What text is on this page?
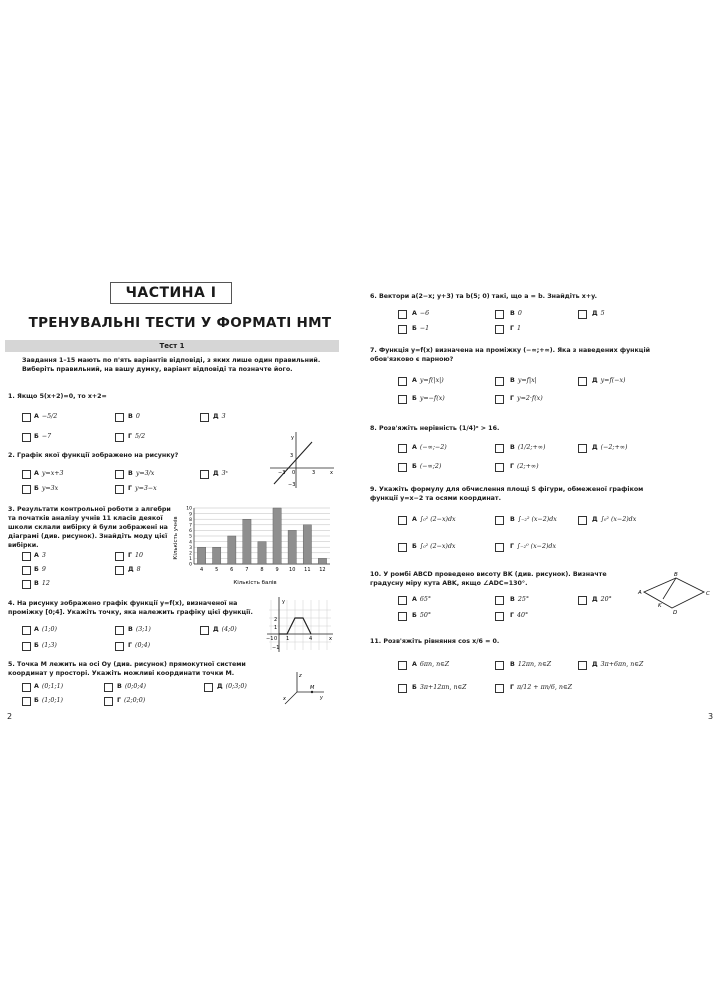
ЧАСТИНА I
ТРЕНУВАЛЬНІ ТЕСТИ У ФОРМАТІ НМТ
Тест 1
Завдання 1–15 мають по п'ять варіантів відповіді, з яких лише один правильний. Виберіть правильний, на вашу думку, варіант відповіді та позначте його.
1. Якщо 5(x+2)=0, то x+2=
А −5/2	В 0	Д 3
Б −7	Г 5/2
2. Графік якої функції зображено на рисунку?
А y=x+3	В y=3/x	Д 3ˣ
Б y=3x	Г y=3−x
y
3
−3 0	3	x
−3
3. Результати контрольної роботи з алгебри та початків аналізу учнів 11 класів деякої школи склали вибірку й були зображені на діаграмі (див. рисунок). Знайдіть моду цієї вибірки.
А 3	Г 10
Б 9	Д 8
В 12
0
1
2
3
4
5
6
7
8
9
10
4 5 6 7 8 9 10 11 12
Кількість балів
Кількість учнів
4. На рисунку зображено графік функції y=f(x), визначеної на проміжку [0;4]. Укажіть точку, яка належить графіку цієї функції.
А (1;0)	В (3;1)	Д (4;0)
Б (1;3)	Г (0;4)
y
2
1
0 1	4	x
−1
−1
5. Точка M лежить на осі Oy (див. рисунок) прямокутної системи координат у просторі. Укажіть можливі координати точки M.
А (0;1;1)	В (0;0;4)	Д (0;3;0)
Б (1;0;1)	Г (2;0;0)
z
M
y
x
2
6. Вектори a(2−x; y+3) та b(5; 0) такі, що a = b. Знайдіть x+y.
А −6	В 0	Д 5
Б −1	Г 1
7. Функція y=f(x) визначена на проміжку (−∞;+∞). Яка з наведених функцій обов'язково є парною?
А y=f(|x|)	В y=f|x|	Д y=f(−x)
Б y=−f(x)	Г y=2·f(x)
8. Розв'яжіть нерівність (1/4)ˣ > 16.
А (−∞;−2)	В (1/2;+∞)	Д (−2;+∞)
Б (−∞;2)	Г (2;+∞)
9. Укажіть формулу для обчислення площі S фігури, обмеженої графіком функції y=x−2 та осями координат.
А ∫₀² (2−x)dx	В ∫₋₂² (x−2)dx	Д ∫₀² (x−2)dx
Б ∫₀² (2−x)dx	Г ∫₋₂⁰ (x−2)dx
10. У ромбі ABCD проведено висоту BK (див. рисунок). Визначте градусну міру кута ABK, якщо ∠ADC=130°.
А 65°	В 25°	Д 20°
Б 50°	Г 40°
A
B
C
D
K
11. Розв'яжіть рівняння cos x/6 = 0.
А 6πn, n∈Z	В 12πn, n∈Z	Д 3π+6πn, n∈Z
Б 3π+12πn, n∈Z	Г π/12 + πn/6, n∈Z
3
